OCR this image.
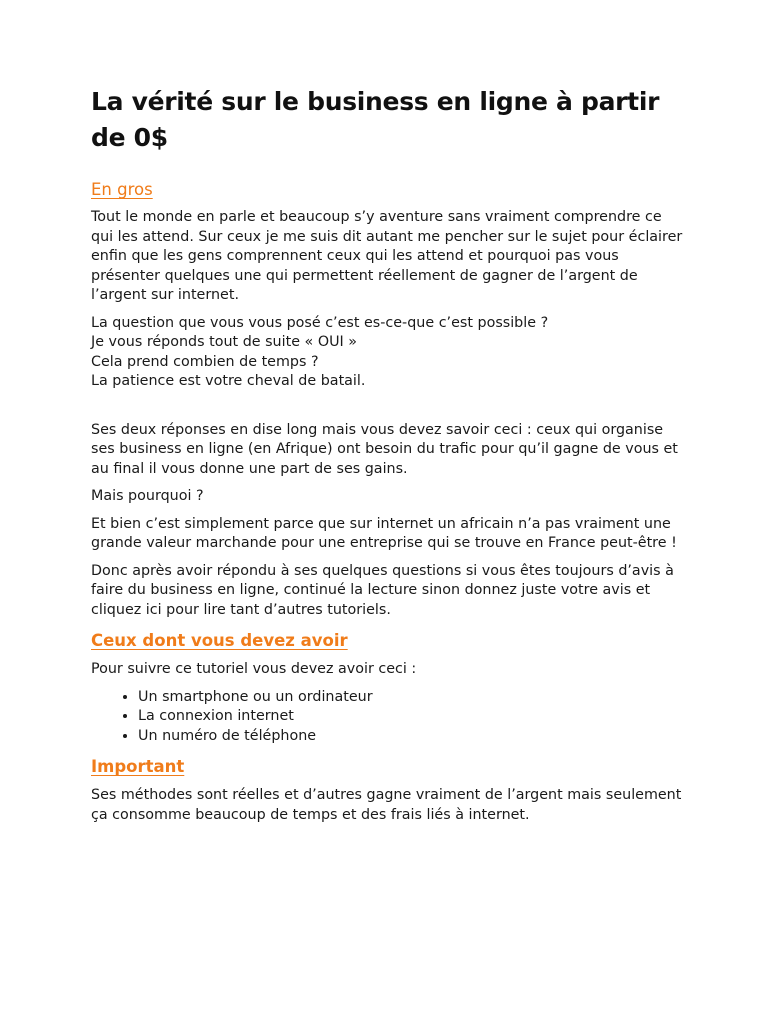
La vérité sur le business en ligne à partir de 0$
En gros

Tout le monde en parle et beaucoup s’y aventure sans vraiment comprendre ce qui les attend. Sur ceux je me suis dit autant me pencher sur le sujet pour éclairer enfin que les gens comprennent ceux qui les attend et pourquoi pas vous présenter quelques une qui permettent réellement de gagner de l’argent de l’argent sur internet.

La question que vous vous posé c’est es-ce-que c’est possible ?
Je vous réponds tout de suite « OUI »
Cela prend combien de temps ?
La patience est votre cheval de batail.

Ses deux réponses en dise long mais vous devez savoir ceci : ceux qui organise ses business en ligne (en Afrique) ont besoin du trafic pour qu’il gagne de vous et au final il vous donne une part de ses gains.

Mais pourquoi ?

Et bien c’est simplement parce que sur internet un africain n’a pas vraiment une grande valeur marchande pour une entreprise qui se trouve en France peut-être !

Donc après avoir répondu à ses quelques questions si vous êtes toujours d’avis à faire du business en ligne, continué la lecture sinon donnez juste votre avis et cliquez ici pour lire tant d’autres tutoriels.

Ceux dont vous devez avoir

Pour suivre ce tutoriel vous devez avoir ceci :

• Un smartphone ou un ordinateur
• La connexion internet
• Un numéro de téléphone
Important

Ses méthodes sont réelles et d’autres gagne vraiment de l’argent mais seulement ça consomme beaucoup de temps et des frais liés à internet.
